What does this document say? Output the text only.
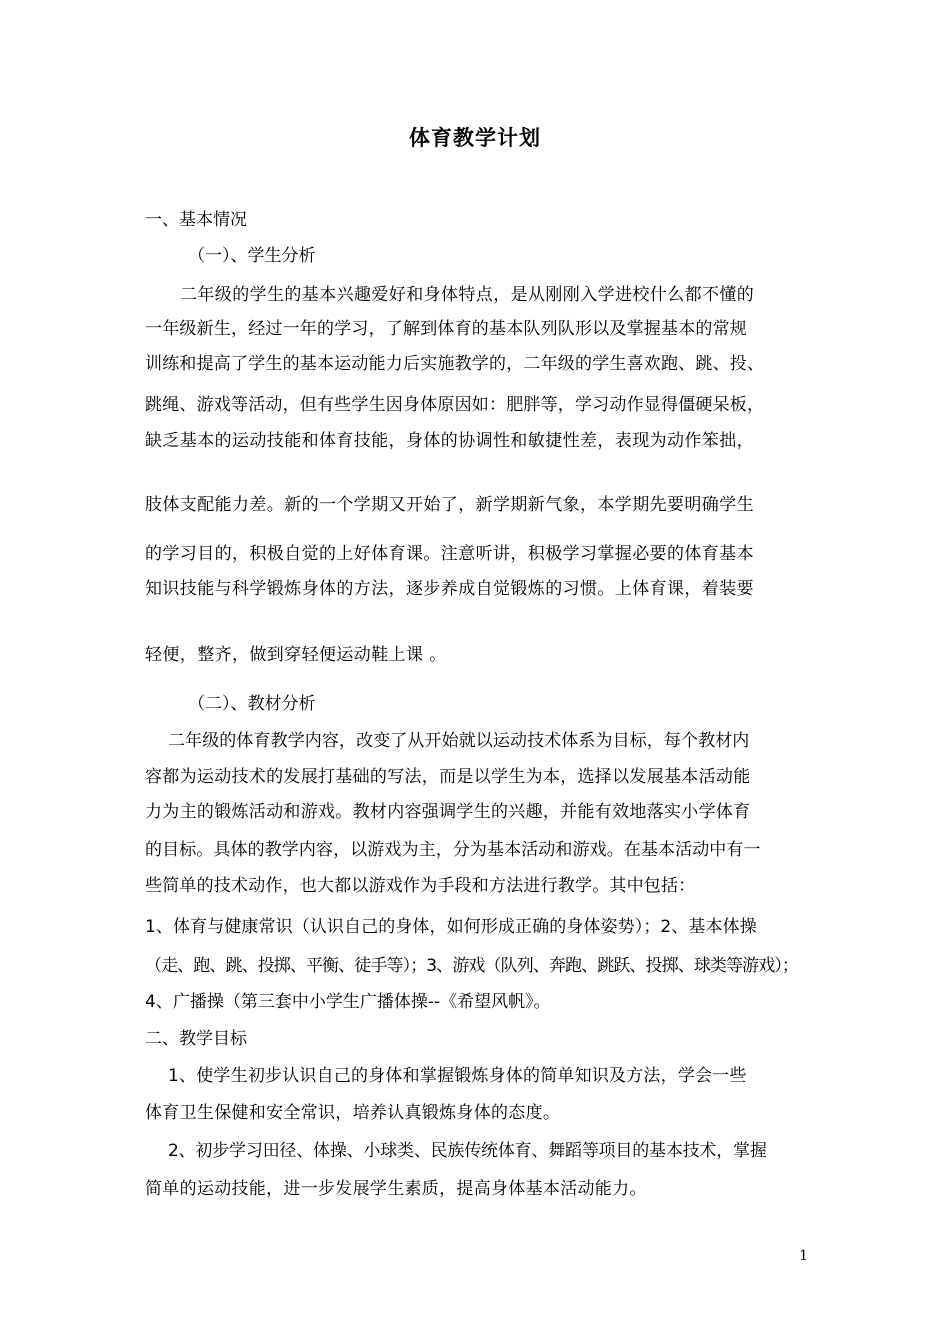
体育教学计划
一、基本情况
（一）、学生分析
二年级的学生的基本兴趣爱好和身体特点，是从刚刚入学进校什么都不懂的
一年级新生，经过一年的学习，了解到体育的基本队列队形以及掌握基本的常规
训练和提高了学生的基本运动能力后实施教学的，二年级的学生喜欢跑、跳、投、
跳绳、游戏等活动，但有些学生因身体原因如：肥胖等，学习动作显得僵硬呆板，
缺乏基本的运动技能和体育技能，身体的协调性和敏捷性差，表现为动作笨拙，
肢体支配能力差。新的一个学期又开始了，新学期新气象，本学期先要明确学生
的学习目的，积极自觉的上好体育课。注意听讲，积极学习掌握必要的体育基本
知识技能与科学锻炼身体的方法，逐步养成自觉锻炼的习惯。上体育课，着装要
轻便，整齐，做到穿轻便运动鞋上课 。
（二）、教材分析
二年级的体育教学内容，改变了从开始就以运动技术体系为目标，每个教材内
容都为运动技术的发展打基础的写法，而是以学生为本，选择以发展基本活动能
力为主的锻炼活动和游戏。教材内容强调学生的兴趣，并能有效地落实小学体育
的目标。具体的教学内容，以游戏为主，分为基本活动和游戏。在基本活动中有一
些简单的技术动作，也大都以游戏作为手段和方法进行教学。其中包括：
1、体育与健康常识（认识自己的身体，如何形成正确的身体姿势）；2、基本体操
（走、跑、跳、投掷、平衡、徒手等）；3、游戏（队列、奔跑、跳跃、投掷、球类等游戏）；
4、广播操（第三套中小学生广播体操--《希望风帆》。
二、教学目标
1、使学生初步认识自己的身体和掌握锻炼身体的简单知识及方法，学会一些
体育卫生保健和安全常识，培养认真锻炼身体的态度。
2、初步学习田径、体操、小球类、民族传统体育、舞蹈等项目的基本技术，掌握
简单的运动技能，进一步发展学生素质，提高身体基本活动能力。
1
